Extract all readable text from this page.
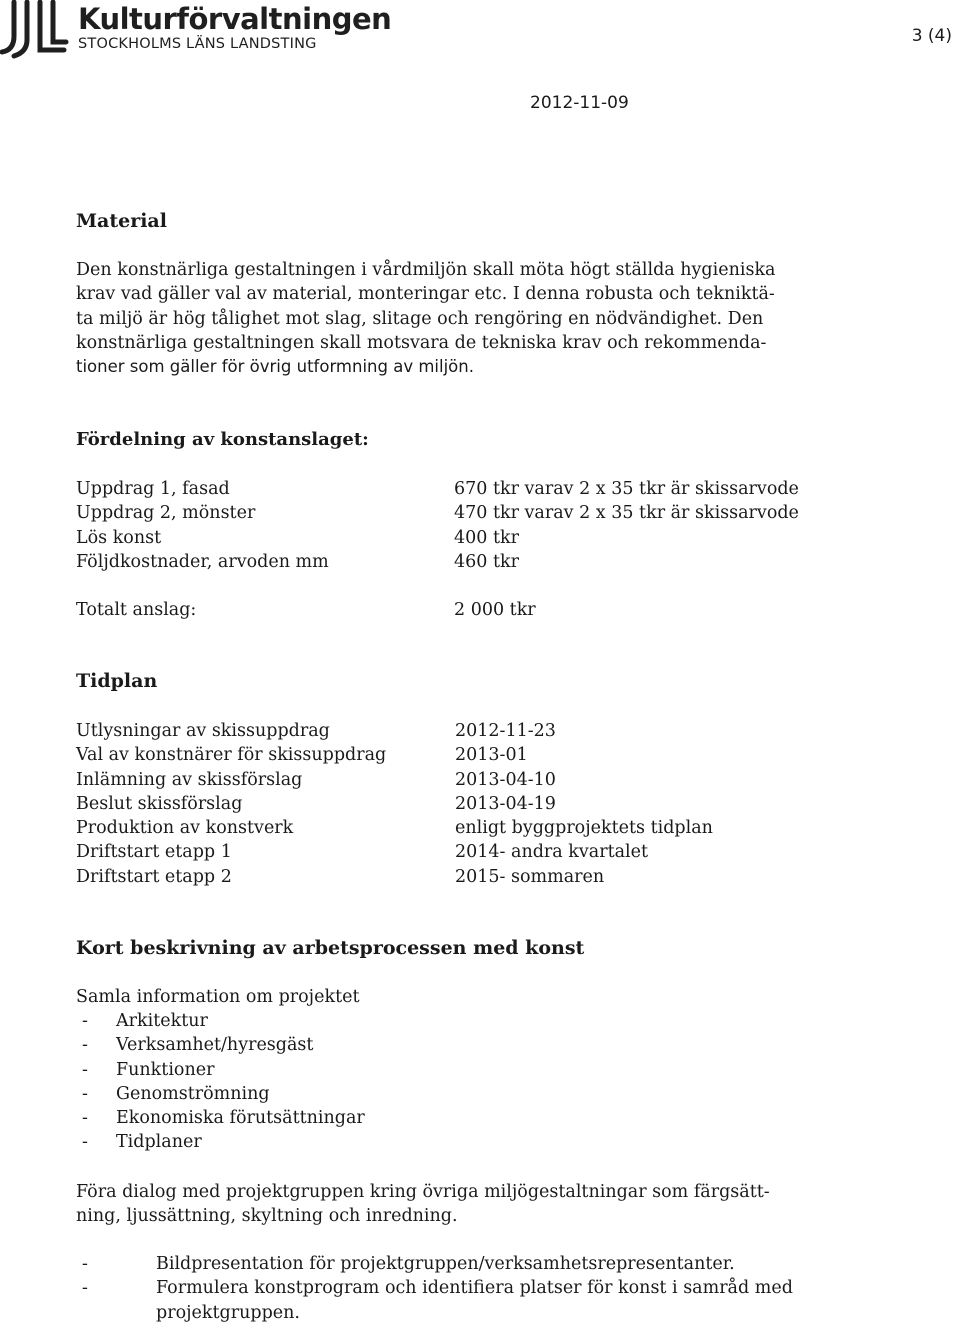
Kulturförvaltningen
STOCKHOLMS LÄNS LANDSTING	3 (4)
2012-11-09
Material
Den konstnärliga gestaltningen i vårdmiljön skall möta högt ställda hygieniska
krav vad gäller val av material, monteringar etc. I denna robusta och tekniktä-
ta miljö är hög tålighet mot slag, slitage och rengöring en nödvändighet. Den
konstnärliga gestaltningen skall motsvara de tekniska krav och rekommenda-
tioner som gäller för övrig utformning av miljön.
Fördelning av konstanslaget:
Uppdrag 1, fasad	670 tkr varav 2 x 35 tkr är skissarvode
Uppdrag 2, mönster	470 tkr varav 2 x 35 tkr är skissarvode
Lös konst	400 tkr
Följdkostnader, arvoden mm	460 tkr
Totalt anslag:	2 000 tkr
Tidplan
Utlysningar av skissuppdrag	2012-11-23
Val av konstnärer för skissuppdrag	2013-01
Inlämning av skissförslag	2013-04-10
Beslut skissförslag	2013-04-19
Produktion av konstverk	enligt byggprojektets tidplan
Driftstart etapp 1	2014- andra kvartalet
Driftstart etapp 2	2015- sommaren
Kort beskrivning av arbetsprocessen med konst
Samla information om projektet
- Arkitektur
- Verksamhet/hyresgäst
- Funktioner
- Genomströmning
- Ekonomiska förutsättningar
- Tidplaner
Föra dialog med projektgruppen kring övriga miljögestaltningar som färgsätt-
ning, ljussättning, skyltning och inredning.
-	Bildpresentation för projektgruppen/verksamhetsrepresentanter.
-	Formulera konstprogram och identifiera platser för konst i samråd med projektgruppen.
